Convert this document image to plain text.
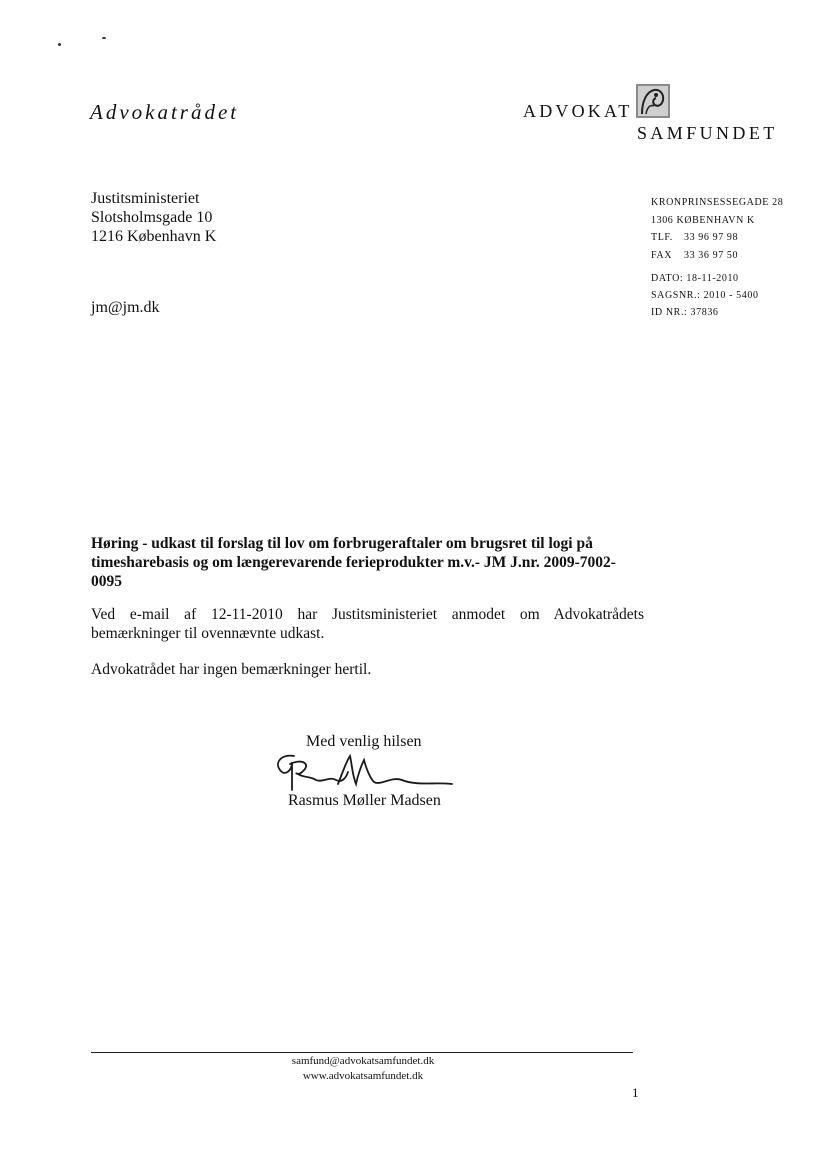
Advokatrådet	ADVOKAT
SAMFUNDET
Justitsministeriet
Slotsholmsgade 10
1216 København K
jm@jm.dk
KRONPRINSESSEGADE 28
1306 KØBENHAVN K
TLF. 33 96 97 98
FAX 33 36 97 50
DATO: 18-11-2010
SAGSNR.: 2010 - 5400
ID NR.: 37836
Høring - udkast til forslag til lov om forbrugeraftaler om brugsret til logi på timesharebasis og om længerevarende ferieprodukter m.v.- JM J.nr. 2009-7002-0095
Ved e-mail af 12-11-2010 har Justitsministeriet anmodet om Advokatrådets bemærkninger til ovennævnte udkast.
Advokatrådet har ingen bemærkninger hertil.
Med venlig hilsen
Rasmus Møller Madsen
samfund@advokatsamfundet.dk
www.advokatsamfundet.dk
1
